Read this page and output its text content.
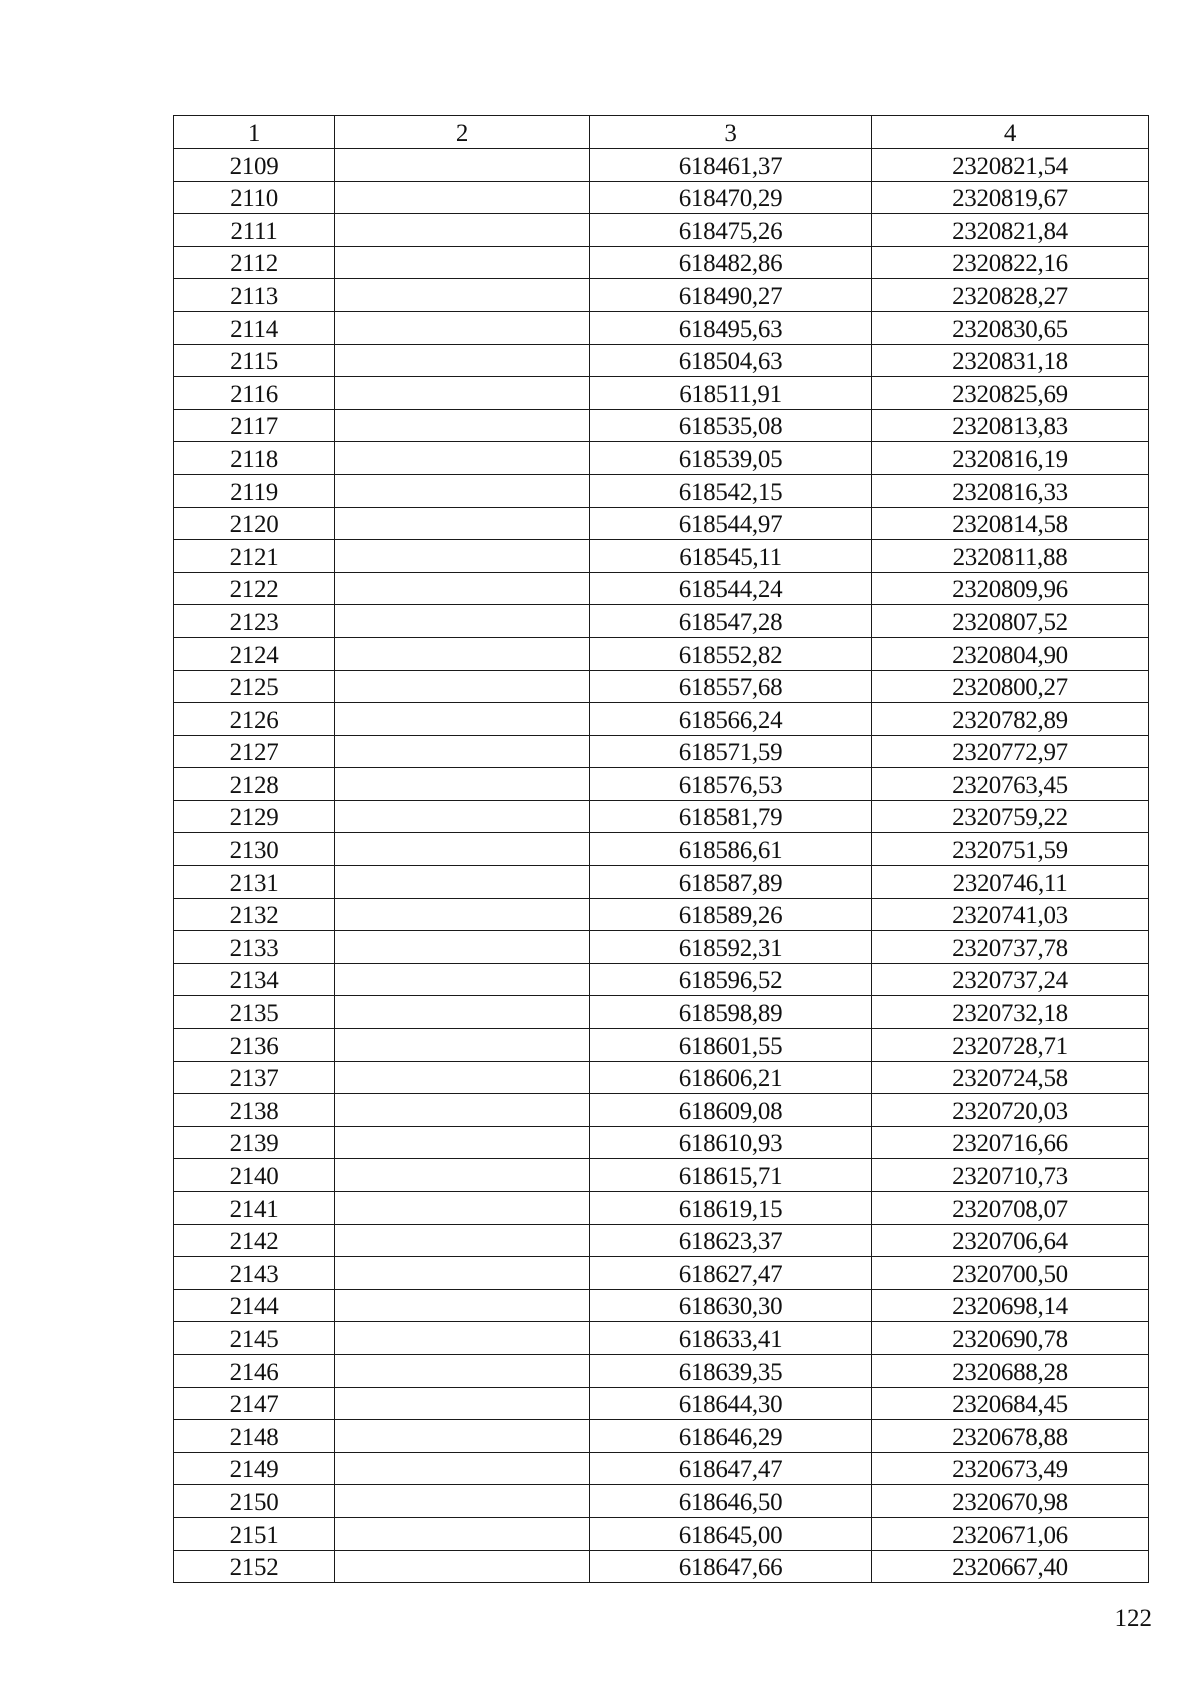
1	2	3	4
2109		618461,37	2320821,54
2110		618470,29	2320819,67
2111		618475,26	2320821,84
2112		618482,86	2320822,16
2113		618490,27	2320828,27
2114		618495,63	2320830,65
2115		618504,63	2320831,18
2116		618511,91	2320825,69
2117		618535,08	2320813,83
2118		618539,05	2320816,19
2119		618542,15	2320816,33
2120		618544,97	2320814,58
2121		618545,11	2320811,88
2122		618544,24	2320809,96
2123		618547,28	2320807,52
2124		618552,82	2320804,90
2125		618557,68	2320800,27
2126		618566,24	2320782,89
2127		618571,59	2320772,97
2128		618576,53	2320763,45
2129		618581,79	2320759,22
2130		618586,61	2320751,59
2131		618587,89	2320746,11
2132		618589,26	2320741,03
2133		618592,31	2320737,78
2134		618596,52	2320737,24
2135		618598,89	2320732,18
2136		618601,55	2320728,71
2137		618606,21	2320724,58
2138		618609,08	2320720,03
2139		618610,93	2320716,66
2140		618615,71	2320710,73
2141		618619,15	2320708,07
2142		618623,37	2320706,64
2143		618627,47	2320700,50
2144		618630,30	2320698,14
2145		618633,41	2320690,78
2146		618639,35	2320688,28
2147		618644,30	2320684,45
2148		618646,29	2320678,88
2149		618647,47	2320673,49
2150		618646,50	2320670,98
2151		618645,00	2320671,06
2152		618647,66	2320667,40
122
